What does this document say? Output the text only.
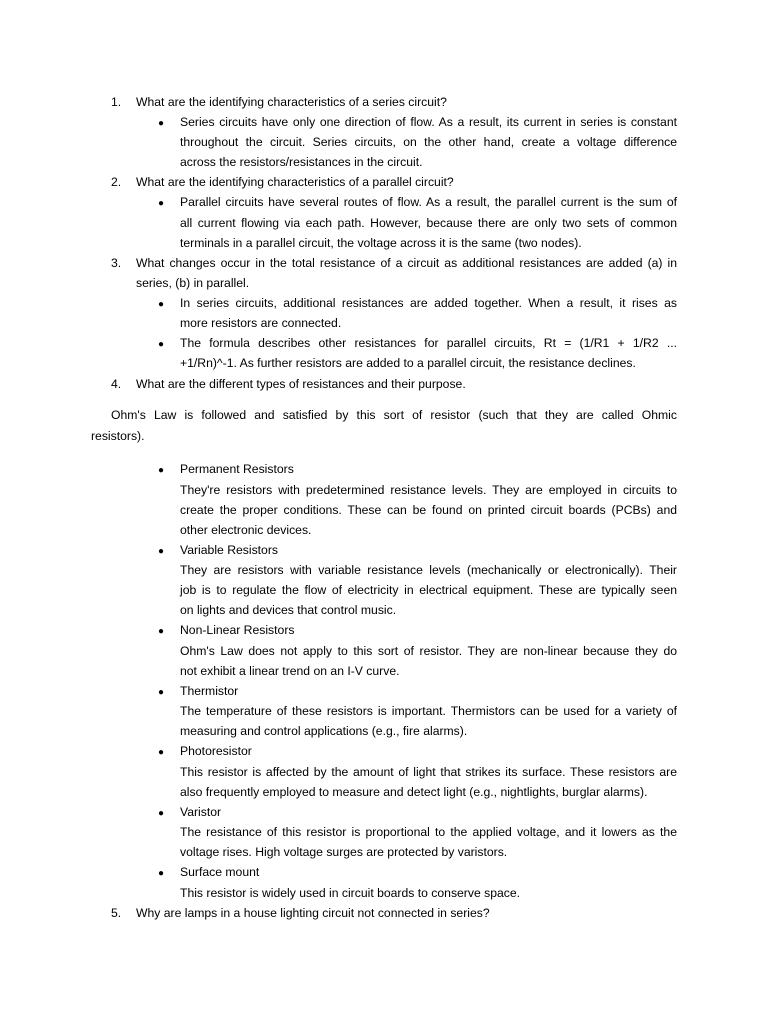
1. What are the identifying characteristics of a series circuit?
● Series circuits have only one direction of flow. As a result, its current in series is constant
throughout the circuit. Series circuits, on the other hand, create a voltage difference
across the resistors/resistances in the circuit.
2. What are the identifying characteristics of a parallel circuit?
● Parallel circuits have several routes of flow. As a result, the parallel current is the sum of
all current flowing via each path. However, because there are only two sets of common
terminals in a parallel circuit, the voltage across it is the same (two nodes).
3. What changes occur in the total resistance of a circuit as additional resistances are added (a) in
series, (b) in parallel.
● In series circuits, additional resistances are added together. When a result, it rises as
more resistors are connected.
● The formula describes other resistances for parallel circuits, Rt = (1/R1 + 1/R2 ...
+1/Rn)^-1. As further resistors are added to a parallel circuit, the resistance declines.
4. What are the different types of resistances and their purpose.
Ohm's Law is followed and satisfied by this sort of resistor (such that they are called Ohmic
resistors).
● Permanent Resistors
They're resistors with predetermined resistance levels. They are employed in circuits to
create the proper conditions. These can be found on printed circuit boards (PCBs) and
other electronic devices.
● Variable Resistors
They are resistors with variable resistance levels (mechanically or electronically). Their
job is to regulate the flow of electricity in electrical equipment. These are typically seen
on lights and devices that control music.
● Non-Linear Resistors
Ohm's Law does not apply to this sort of resistor. They are non-linear because they do
not exhibit a linear trend on an I-V curve.
● Thermistor
The temperature of these resistors is important. Thermistors can be used for a variety of
measuring and control applications (e.g., fire alarms).
● Photoresistor
This resistor is affected by the amount of light that strikes its surface. These resistors are
also frequently employed to measure and detect light (e.g., nightlights, burglar alarms).
● Varistor
The resistance of this resistor is proportional to the applied voltage, and it lowers as the
voltage rises. High voltage surges are protected by varistors.
● Surface mount
This resistor is widely used in circuit boards to conserve space.
5. Why are lamps in a house lighting circuit not connected in series?
